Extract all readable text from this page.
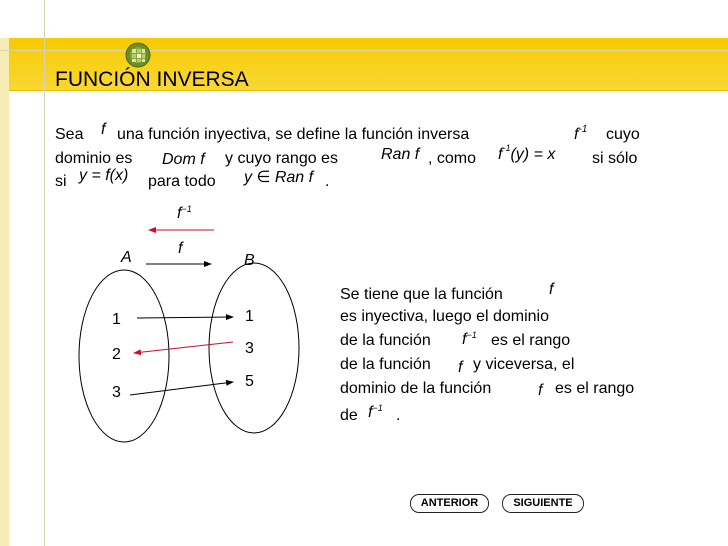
FUNCIÓN INVERSA
Sea f una función inyectiva, se define la función inversa	$f^{-1}$ cuyo
dominio es Dom f y cuyo rango es	Ran f , como $f^{-1}(y) = x$ si sólo
si y = f(x) para todo y ∈ Ran f .
$f^{-1}$
f
A	B
1
2
3
1
3
5
Se tiene que la función	f
es inyectiva, luego el dominio
de la función $f^{-1}$ es el rango
de la función f y viceversa, el
dominio de la función	f es el rango
de $f^{-1}$ .
ANTERIOR	SIGUIENTE
